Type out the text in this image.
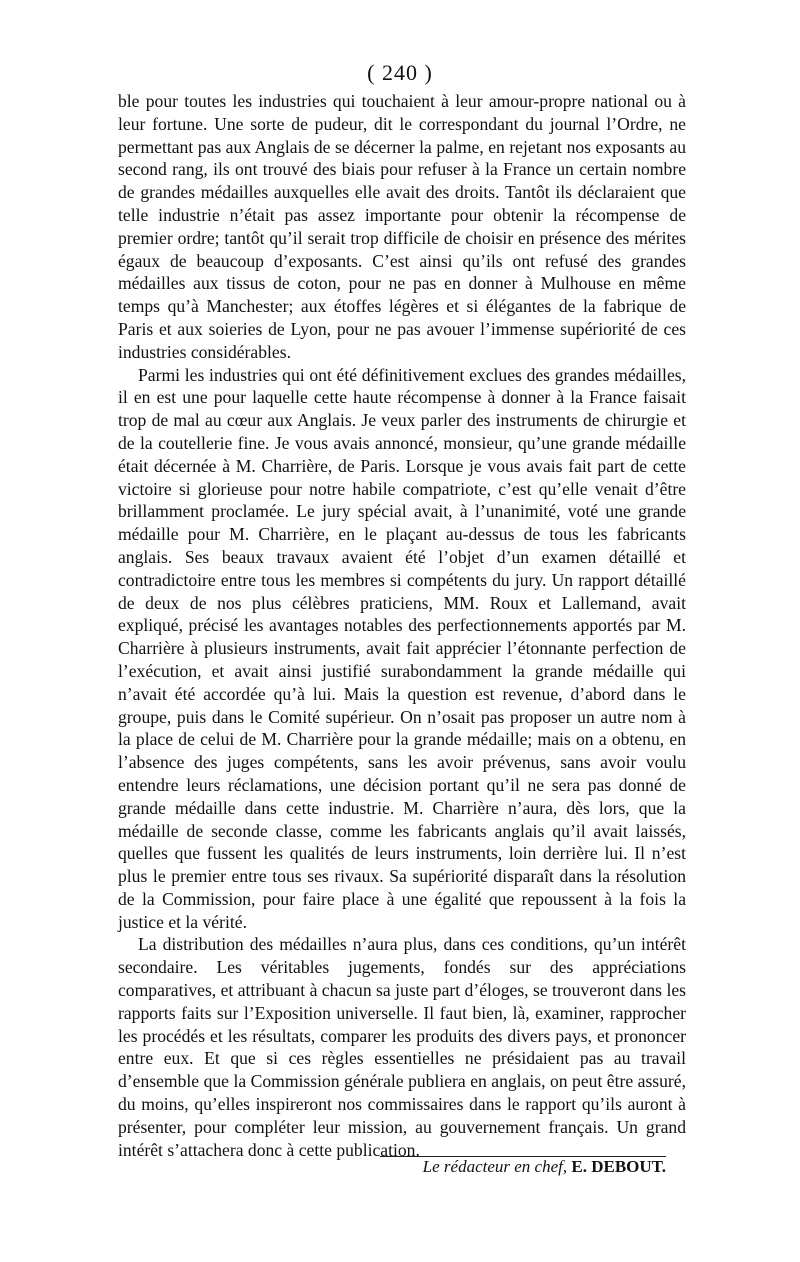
( 240 )

ble pour toutes les industries qui touchaient à leur amour-propre national ou à leur fortune. Une sorte de pudeur, dit le correspondant du journal l’Ordre, ne permettant pas aux Anglais de se décerner la palme, en rejetant nos exposants au second rang, ils ont trouvé des biais pour refuser à la France un certain nombre de grandes médailles auxquelles elle avait des droits. Tantôt ils déclaraient que telle industrie n’était pas assez importante pour obtenir la récompense de premier ordre; tantôt qu’il serait trop difficile de choisir en présence des mérites égaux de beaucoup d’exposants. C’est ainsi qu’ils ont refusé des grandes médailles aux tissus de coton, pour ne pas en donner à Mulhouse en même temps qu’à Manchester; aux étoffes légères et si élégantes de la fabrique de Paris et aux soieries de Lyon, pour ne pas avouer l’immense supériorité de ces industries considérables.

Parmi les industries qui ont été définitivement exclues des grandes médailles, il en est une pour laquelle cette haute récompense à donner à la France faisait trop de mal au cœur aux Anglais. Je veux parler des instruments de chirurgie et de la coutellerie fine. Je vous avais annoncé, monsieur, qu’une grande médaille était décernée à M. Charrière, de Paris. Lorsque je vous avais fait part de cette victoire si glorieuse pour notre habile compatriote, c’est qu’elle venait d’être brillamment proclamée. Le jury spécial avait, à l’unanimité, voté une grande médaille pour M. Charrière, en le plaçant au-dessus de tous les fabricants anglais. Ses beaux travaux avaient été l’objet d’un examen détaillé et contradictoire entre tous les membres si compétents du jury. Un rapport détaillé de deux de nos plus célèbres praticiens, MM. Roux et Lallemand, avait expliqué, précisé les avantages notables des perfectionnements apportés par M. Charrière à plusieurs instruments, avait fait apprécier l’étonnante perfection de l’exécution, et avait ainsi justifié surabondamment la grande médaille qui n’avait été accordée qu’à lui. Mais la question est revenue, d’abord dans le groupe, puis dans le Comité supérieur. On n’osait pas proposer un autre nom à la place de celui de M. Charrière pour la grande médaille; mais on a obtenu, en l’absence des juges compétents, sans les avoir prévenus, sans avoir voulu entendre leurs réclamations, une décision portant qu’il ne sera pas donné de grande médaille dans cette industrie. M. Charrière n’aura, dès lors, que la médaille de seconde classe, comme les fabricants anglais qu’il avait laissés, quelles que fussent les qualités de leurs instruments, loin derrière lui. Il n’est plus le premier entre tous ses rivaux. Sa supériorité disparaît dans la résolution de la Commission, pour faire place à une égalité que repoussent à la fois la justice et la vérité.

La distribution des médailles n’aura plus, dans ces conditions, qu’un intérêt secondaire. Les véritables jugements, fondés sur des appréciations comparatives, et attribuant à chacun sa juste part d’éloges, se trouveront dans les rapports faits sur l’Exposition universelle. Il faut bien, là, examiner, rapprocher les procédés et les résultats, comparer les produits des divers pays, et prononcer entre eux. Et que si ces règles essentielles ne présidaient pas au travail d’ensemble que la Commission générale publiera en anglais, on peut être assuré, du moins, qu’elles inspireront nos commissaires dans le rapport qu’ils auront à présenter, pour compléter leur mission, au gouvernement français. Un grand intérêt s’attachera donc à cette publication.

Le rédacteur en chef, E. DEBOUT.
